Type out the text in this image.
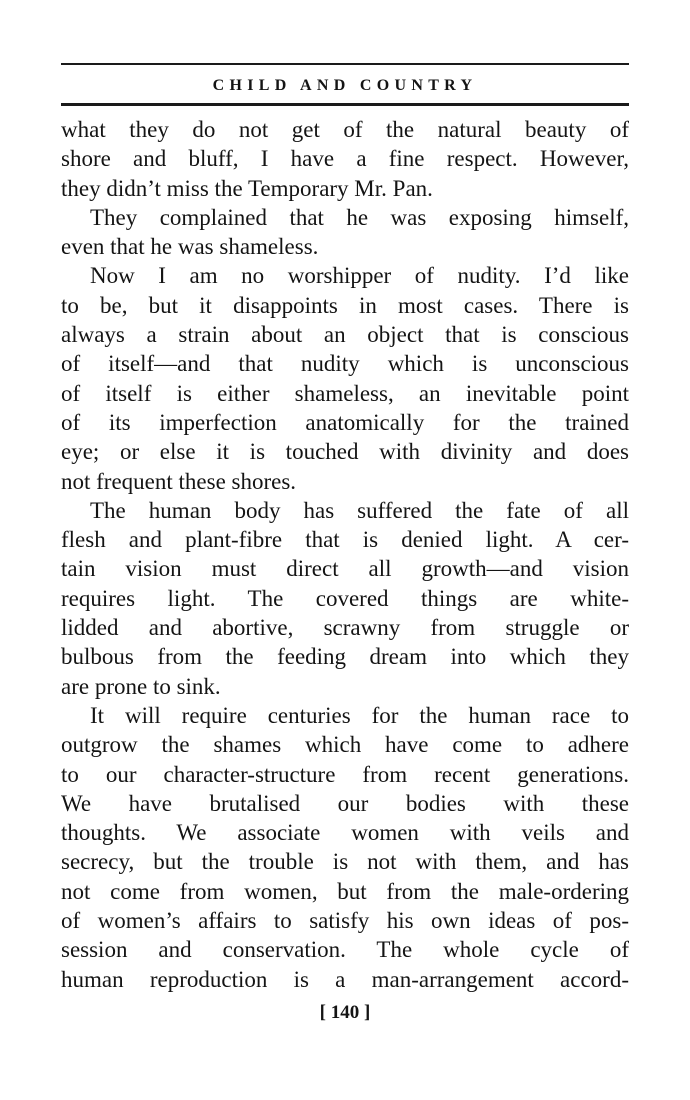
CHILD AND COUNTRY
what they do not get of the natural beauty of
shore and bluff, I have a fine respect. However,
they didn’t miss the Temporary Mr. Pan.
They complained that he was exposing himself,
even that he was shameless.
Now I am no worshipper of nudity. I’d like
to be, but it disappoints in most cases. There is
always a strain about an object that is conscious
of itself—and that nudity which is unconscious
of itself is either shameless, an inevitable point
of its imperfection anatomically for the trained
eye; or else it is touched with divinity and does
not frequent these shores.
The human body has suffered the fate of all
flesh and plant-fibre that is denied light. A cer-
tain vision must direct all growth—and vision
requires light. The covered things are white-
lidded and abortive, scrawny from struggle or
bulbous from the feeding dream into which they
are prone to sink.
It will require centuries for the human race to
outgrow the shames which have come to adhere
to our character-structure from recent generations.
We have brutalised our bodies with these
thoughts. We associate women with veils and
secrecy, but the trouble is not with them, and has
not come from women, but from the male-ordering
of women’s affairs to satisfy his own ideas of pos-
session and conservation. The whole cycle of
human reproduction is a man-arrangement accord-
[ 140 ]
